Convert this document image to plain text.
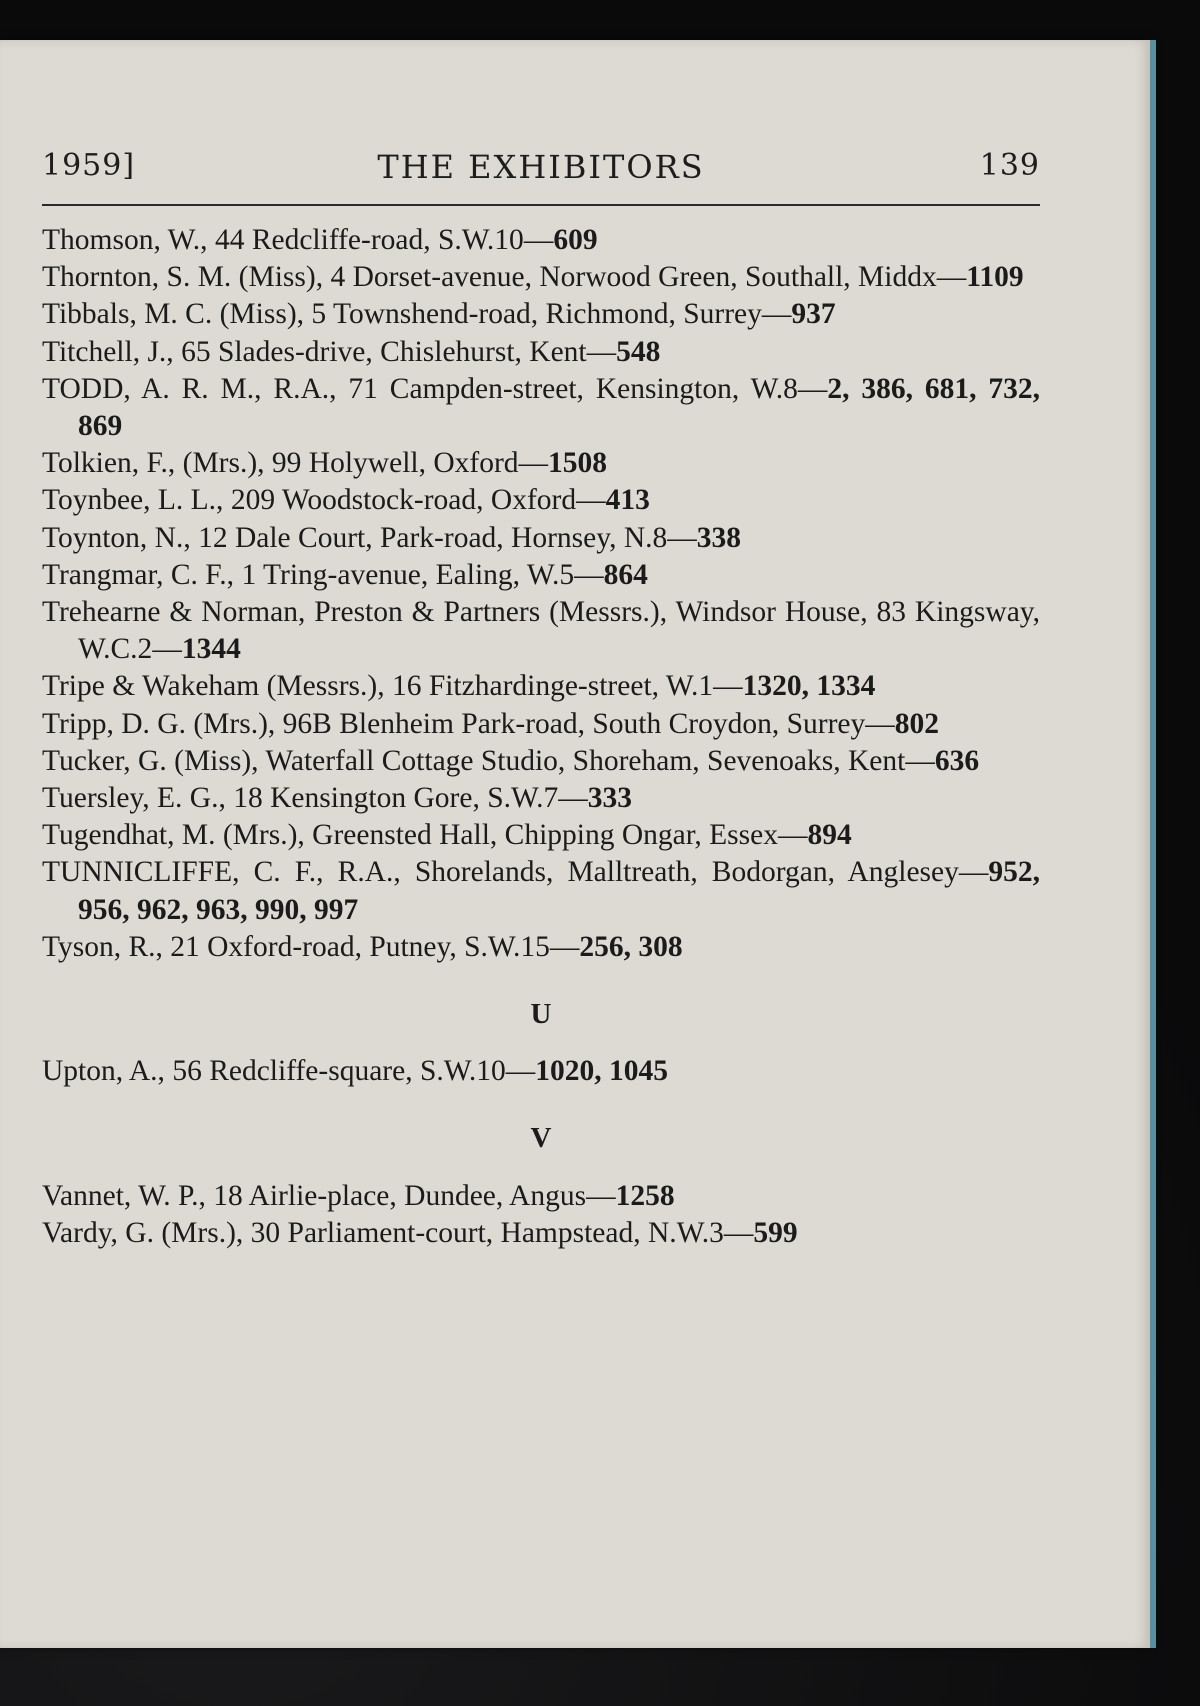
1959]	THE EXHIBITORS	139
Thomson, W., 44 Redcliffe-road, S.W.10—609
Thornton, S. M. (Miss), 4 Dorset-avenue, Norwood Green, Southall, Middx—1109
Tibbals, M. C. (Miss), 5 Townshend-road, Richmond, Surrey—937
Titchell, J., 65 Slades-drive, Chislehurst, Kent—548
TODD, A. R. M., R.A., 71 Campden-street, Kensington, W.8—2, 386, 681, 732, 869
Tolkien, F., (Mrs.), 99 Holywell, Oxford—1508
Toynbee, L. L., 209 Woodstock-road, Oxford—413
Toynton, N., 12 Dale Court, Park-road, Hornsey, N.8—338
Trangmar, C. F., 1 Tring-avenue, Ealing, W.5—864
Trehearne & Norman, Preston & Partners (Messrs.), Windsor House, 83 Kingsway, W.C.2—1344
Tripe & Wakeham (Messrs.), 16 Fitzhardinge-street, W.1—1320, 1334
Tripp, D. G. (Mrs.), 96B Blenheim Park-road, South Croydon, Surrey—802
Tucker, G. (Miss), Waterfall Cottage Studio, Shoreham, Sevenoaks, Kent—636
Tuersley, E. G., 18 Kensington Gore, S.W.7—333
Tugendhat, M. (Mrs.), Greensted Hall, Chipping Ongar, Essex—894
TUNNICLIFFE, C. F., R.A., Shorelands, Malltreath, Bodorgan, Anglesey—952, 956, 962, 963, 990, 997
Tyson, R., 21 Oxford-road, Putney, S.W.15—256, 308
U
Upton, A., 56 Redcliffe-square, S.W.10—1020, 1045
V
Vannet, W. P., 18 Airlie-place, Dundee, Angus—1258
Vardy, G. (Mrs.), 30 Parliament-court, Hampstead, N.W.3—599
